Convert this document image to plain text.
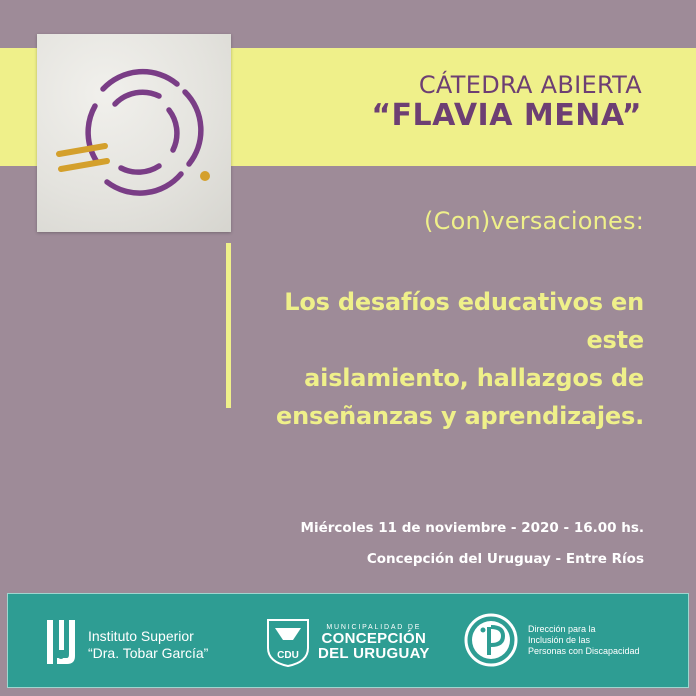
CÁTEDRA ABIERTA
“FLAVIA MENA”
(Con)versaciones:
Los desafíos educativos en este
aislamiento, hallazgos de
enseñanzas y aprendizajes.
Miércoles 11 de noviembre - 2020 - 16.00 hs.
Concepción del Uruguay - Entre Ríos
Instituto Superior
“Dra. Tobar García”	CDU
MUNICIPALIDAD DE
CONCEPCIÓN
DEL URUGUAY
Dirección para la
Inclusión de las
Personas con Discapacidad
